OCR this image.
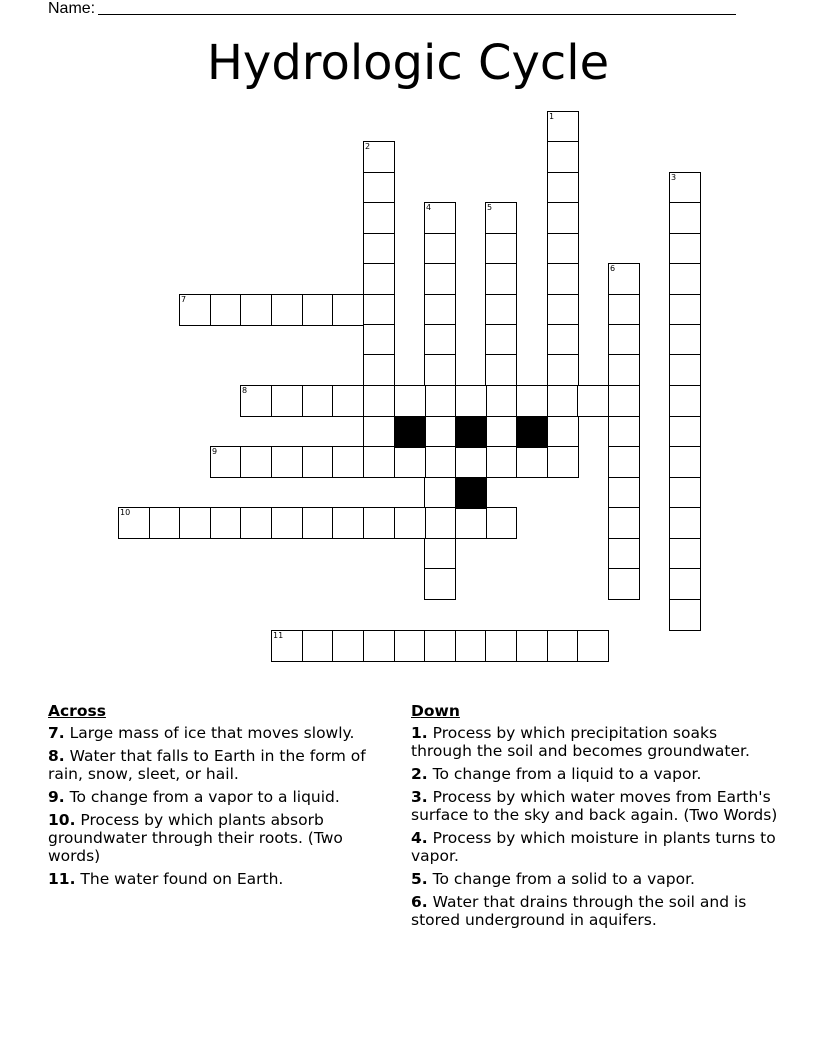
Name:
Hydrologic Cycle
1
2
3
4	5
6
7
8
9
10
11
Across
7. Large mass of ice that moves slowly.
8. Water that falls to Earth in the form of rain, snow, sleet, or hail.
9. To change from a vapor to a liquid.
10. Process by which plants absorb groundwater through their roots. (Two words)
11. The water found on Earth.
Down
1. Process by which precipitation soaks through the soil and becomes groundwater.
2. To change from a liquid to a vapor.
3. Process by which water moves from Earth's surface to the sky and back again. (Two Words)
4. Process by which moisture in plants turns to vapor.
5. To change from a solid to a vapor.
6. Water that drains through the soil and is stored underground in aquifers.
